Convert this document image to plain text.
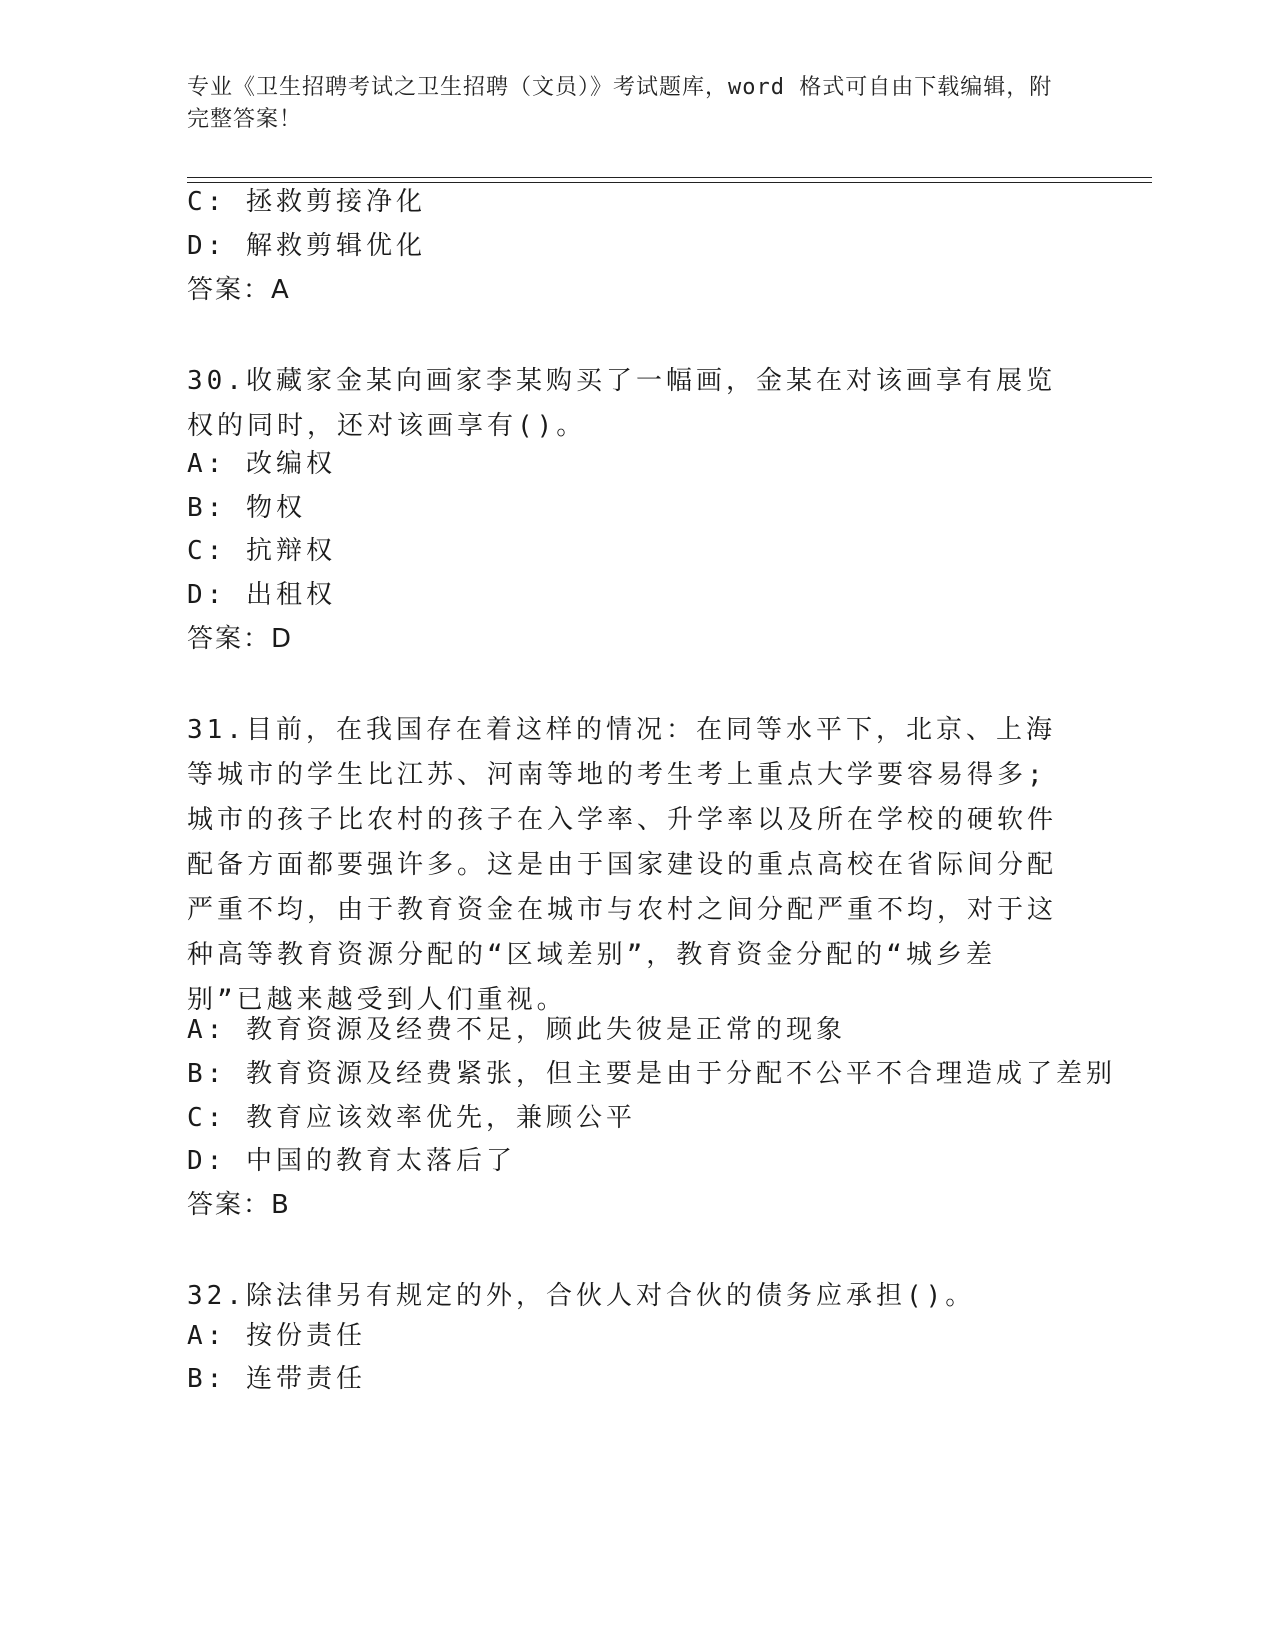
专业《卫生招聘考试之卫生招聘（文员）》考试题库，word 格式可自由下载编辑，附完整答案！
C: 拯救剪接净化
D: 解救剪辑优化
答案：A
30.收藏家金某向画家李某购买了一幅画，金某在对该画享有展览权的同时，还对该画享有()。
A: 改编权
B: 物权
C: 抗辩权
D: 出租权
答案：D
31.目前，在我国存在着这样的情况：在同等水平下，北京、上海等城市的学生比江苏、河南等地的考生考上重点大学要容易得多;城市的孩子比农村的孩子在入学率、升学率以及所在学校的硬软件配备方面都要强许多。这是由于国家建设的重点高校在省际间分配严重不均，由于教育资金在城市与农村之间分配严重不均，对于这种高等教育资源分配的“区域差别”，教育资金分配的“城乡差别”已越来越受到人们重视。
A: 教育资源及经费不足，顾此失彼是正常的现象
B: 教育资源及经费紧张，但主要是由于分配不公平不合理造成了差别
C: 教育应该效率优先，兼顾公平
D: 中国的教育太落后了
答案：B
32.除法律另有规定的外，合伙人对合伙的债务应承担()。
A: 按份责任
B: 连带责任
